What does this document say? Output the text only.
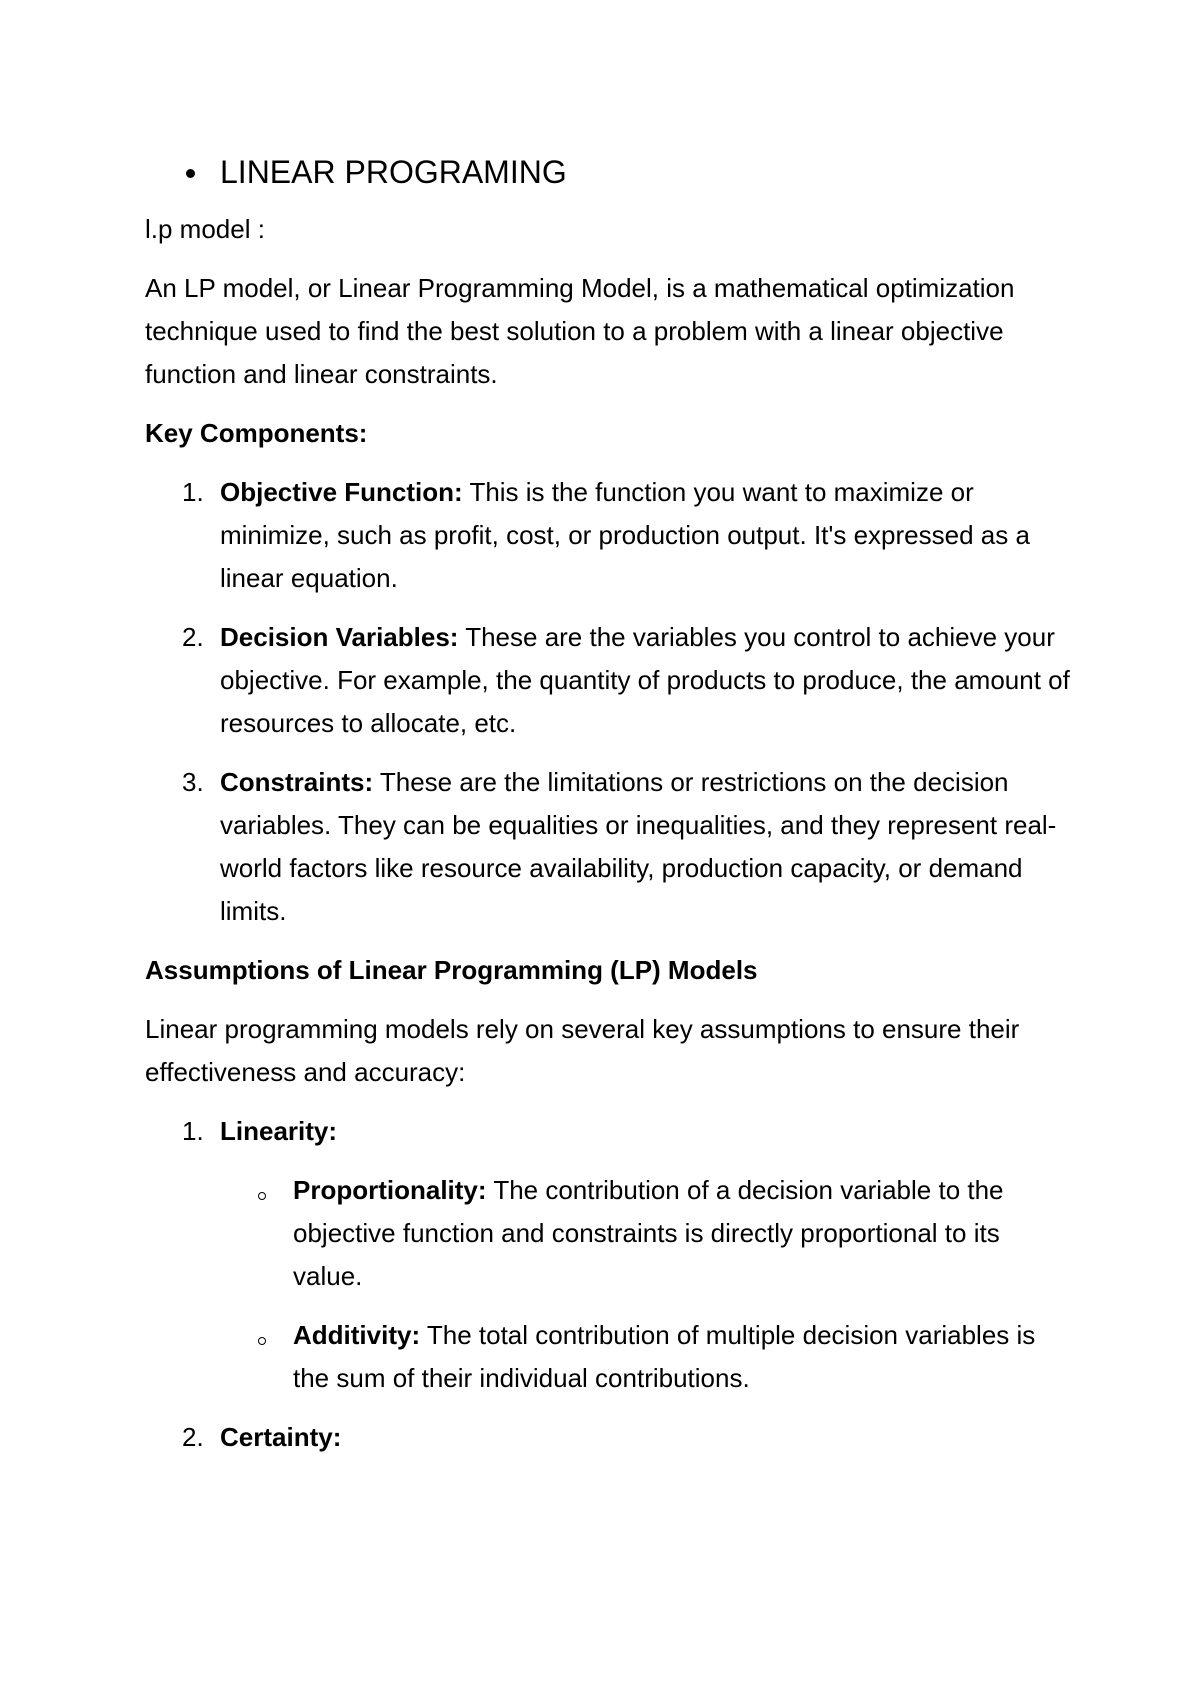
LINEAR PROGRAMING

l.p model :

An LP model, or Linear Programming Model, is a mathematical optimization technique used to find the best solution to a problem with a linear objective function and linear constraints.

Key Components:

1. Objective Function: This is the function you want to maximize or minimize, such as profit, cost, or production output. It's expressed as a linear equation.
2. Decision Variables: These are the variables you control to achieve your objective. For example, the quantity of products to produce, the amount of resources to allocate, etc.
3. Constraints: These are the limitations or restrictions on the decision variables. They can be equalities or inequalities, and they represent real-world factors like resource availability, production capacity, or demand limits.

Assumptions of Linear Programming (LP) Models

Linear programming models rely on several key assumptions to ensure their effectiveness and accuracy:

1. Linearity:
Proportionality: The contribution of a decision variable to the objective function and constraints is directly proportional to its value.
Additivity: The total contribution of multiple decision variables is the sum of their individual contributions.
2. Certainty:
